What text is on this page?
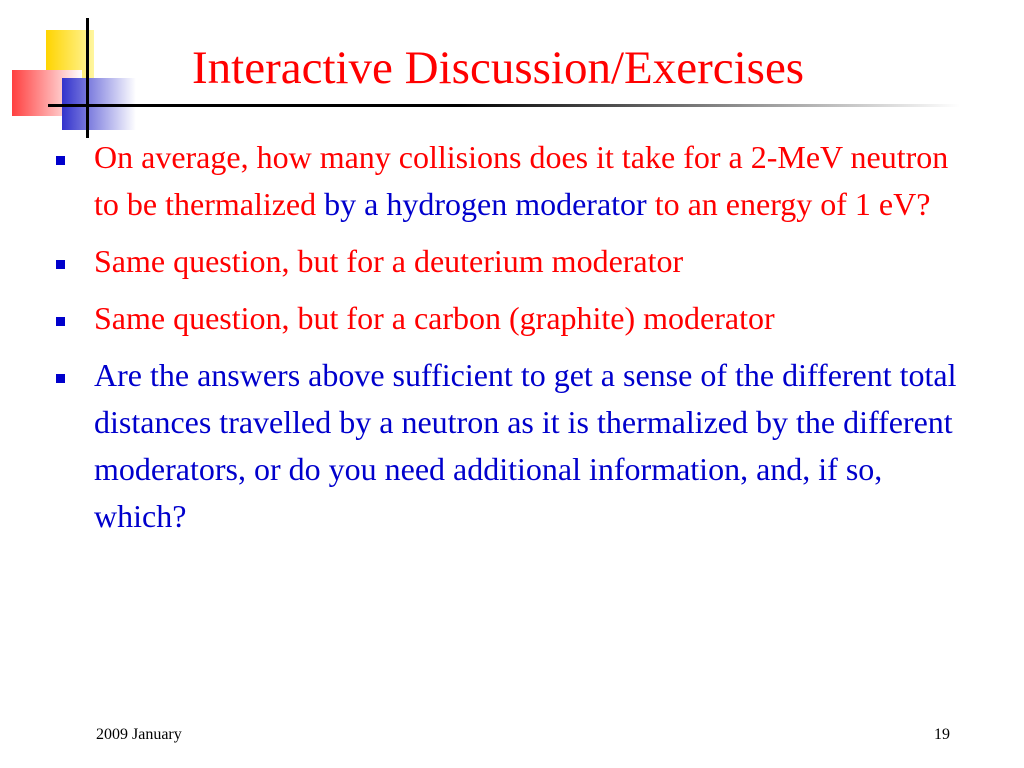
Interactive Discussion/Exercises
On average, how many collisions does it take for a 2-MeV neutron to be thermalized by a hydrogen moderator to an energy of 1 eV?
Same question, but for a deuterium moderator
Same question, but for a carbon (graphite) moderator
Are the answers above sufficient to get a sense of the different total distances travelled by a neutron as it is thermalized by the different moderators, or do you need additional information, and, if so, which?
2009 January	19
